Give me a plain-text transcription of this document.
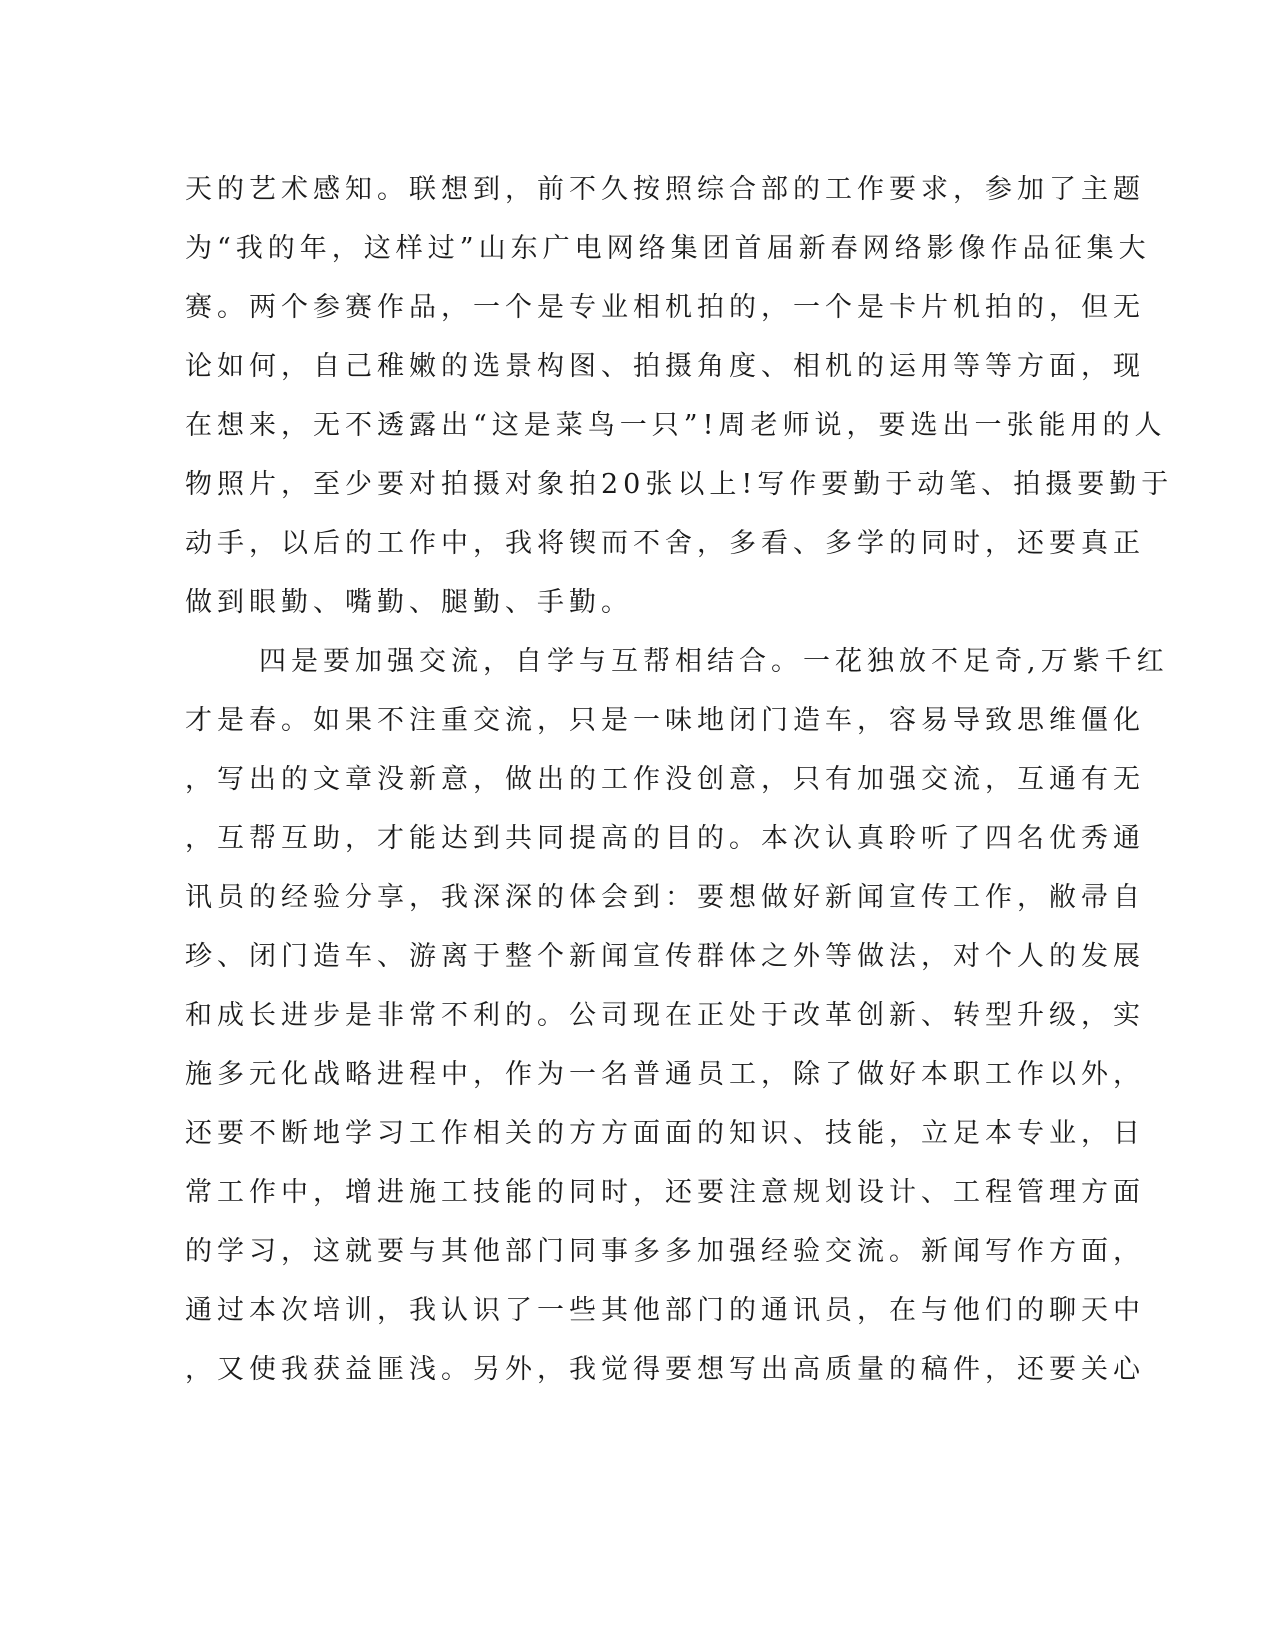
天的艺术感知。联想到，前不久按照综合部的工作要求，参加了主题
为“我的年，这样过”山东广电网络集团首届新春网络影像作品征集大
赛。两个参赛作品，一个是专业相机拍的，一个是卡片机拍的，但无
论如何，自己稚嫩的选景构图、拍摄角度、相机的运用等等方面，现
在想来，无不透露出“这是菜鸟一只”!周老师说，要选出一张能用的人
物照片，至少要对拍摄对象拍20张以上!写作要勤于动笔、拍摄要勤于
动手，以后的工作中，我将锲而不舍，多看、多学的同时，还要真正
做到眼勤、嘴勤、腿勤、手勤。
四是要加强交流，自学与互帮相结合。一花独放不足奇,万紫千红
才是春。如果不注重交流，只是一味地闭门造车，容易导致思维僵化
，写出的文章没新意，做出的工作没创意，只有加强交流，互通有无
，互帮互助，才能达到共同提高的目的。本次认真聆听了四名优秀通
讯员的经验分享，我深深的体会到：要想做好新闻宣传工作，敝帚自
珍、闭门造车、游离于整个新闻宣传群体之外等做法，对个人的发展
和成长进步是非常不利的。公司现在正处于改革创新、转型升级，实
施多元化战略进程中，作为一名普通员工，除了做好本职工作以外，
还要不断地学习工作相关的方方面面的知识、技能，立足本专业，日
常工作中，增进施工技能的同时，还要注意规划设计、工程管理方面
的学习，这就要与其他部门同事多多加强经验交流。新闻写作方面，
通过本次培训，我认识了一些其他部门的通讯员，在与他们的聊天中
，又使我获益匪浅。另外，我觉得要想写出高质量的稿件，还要关心
